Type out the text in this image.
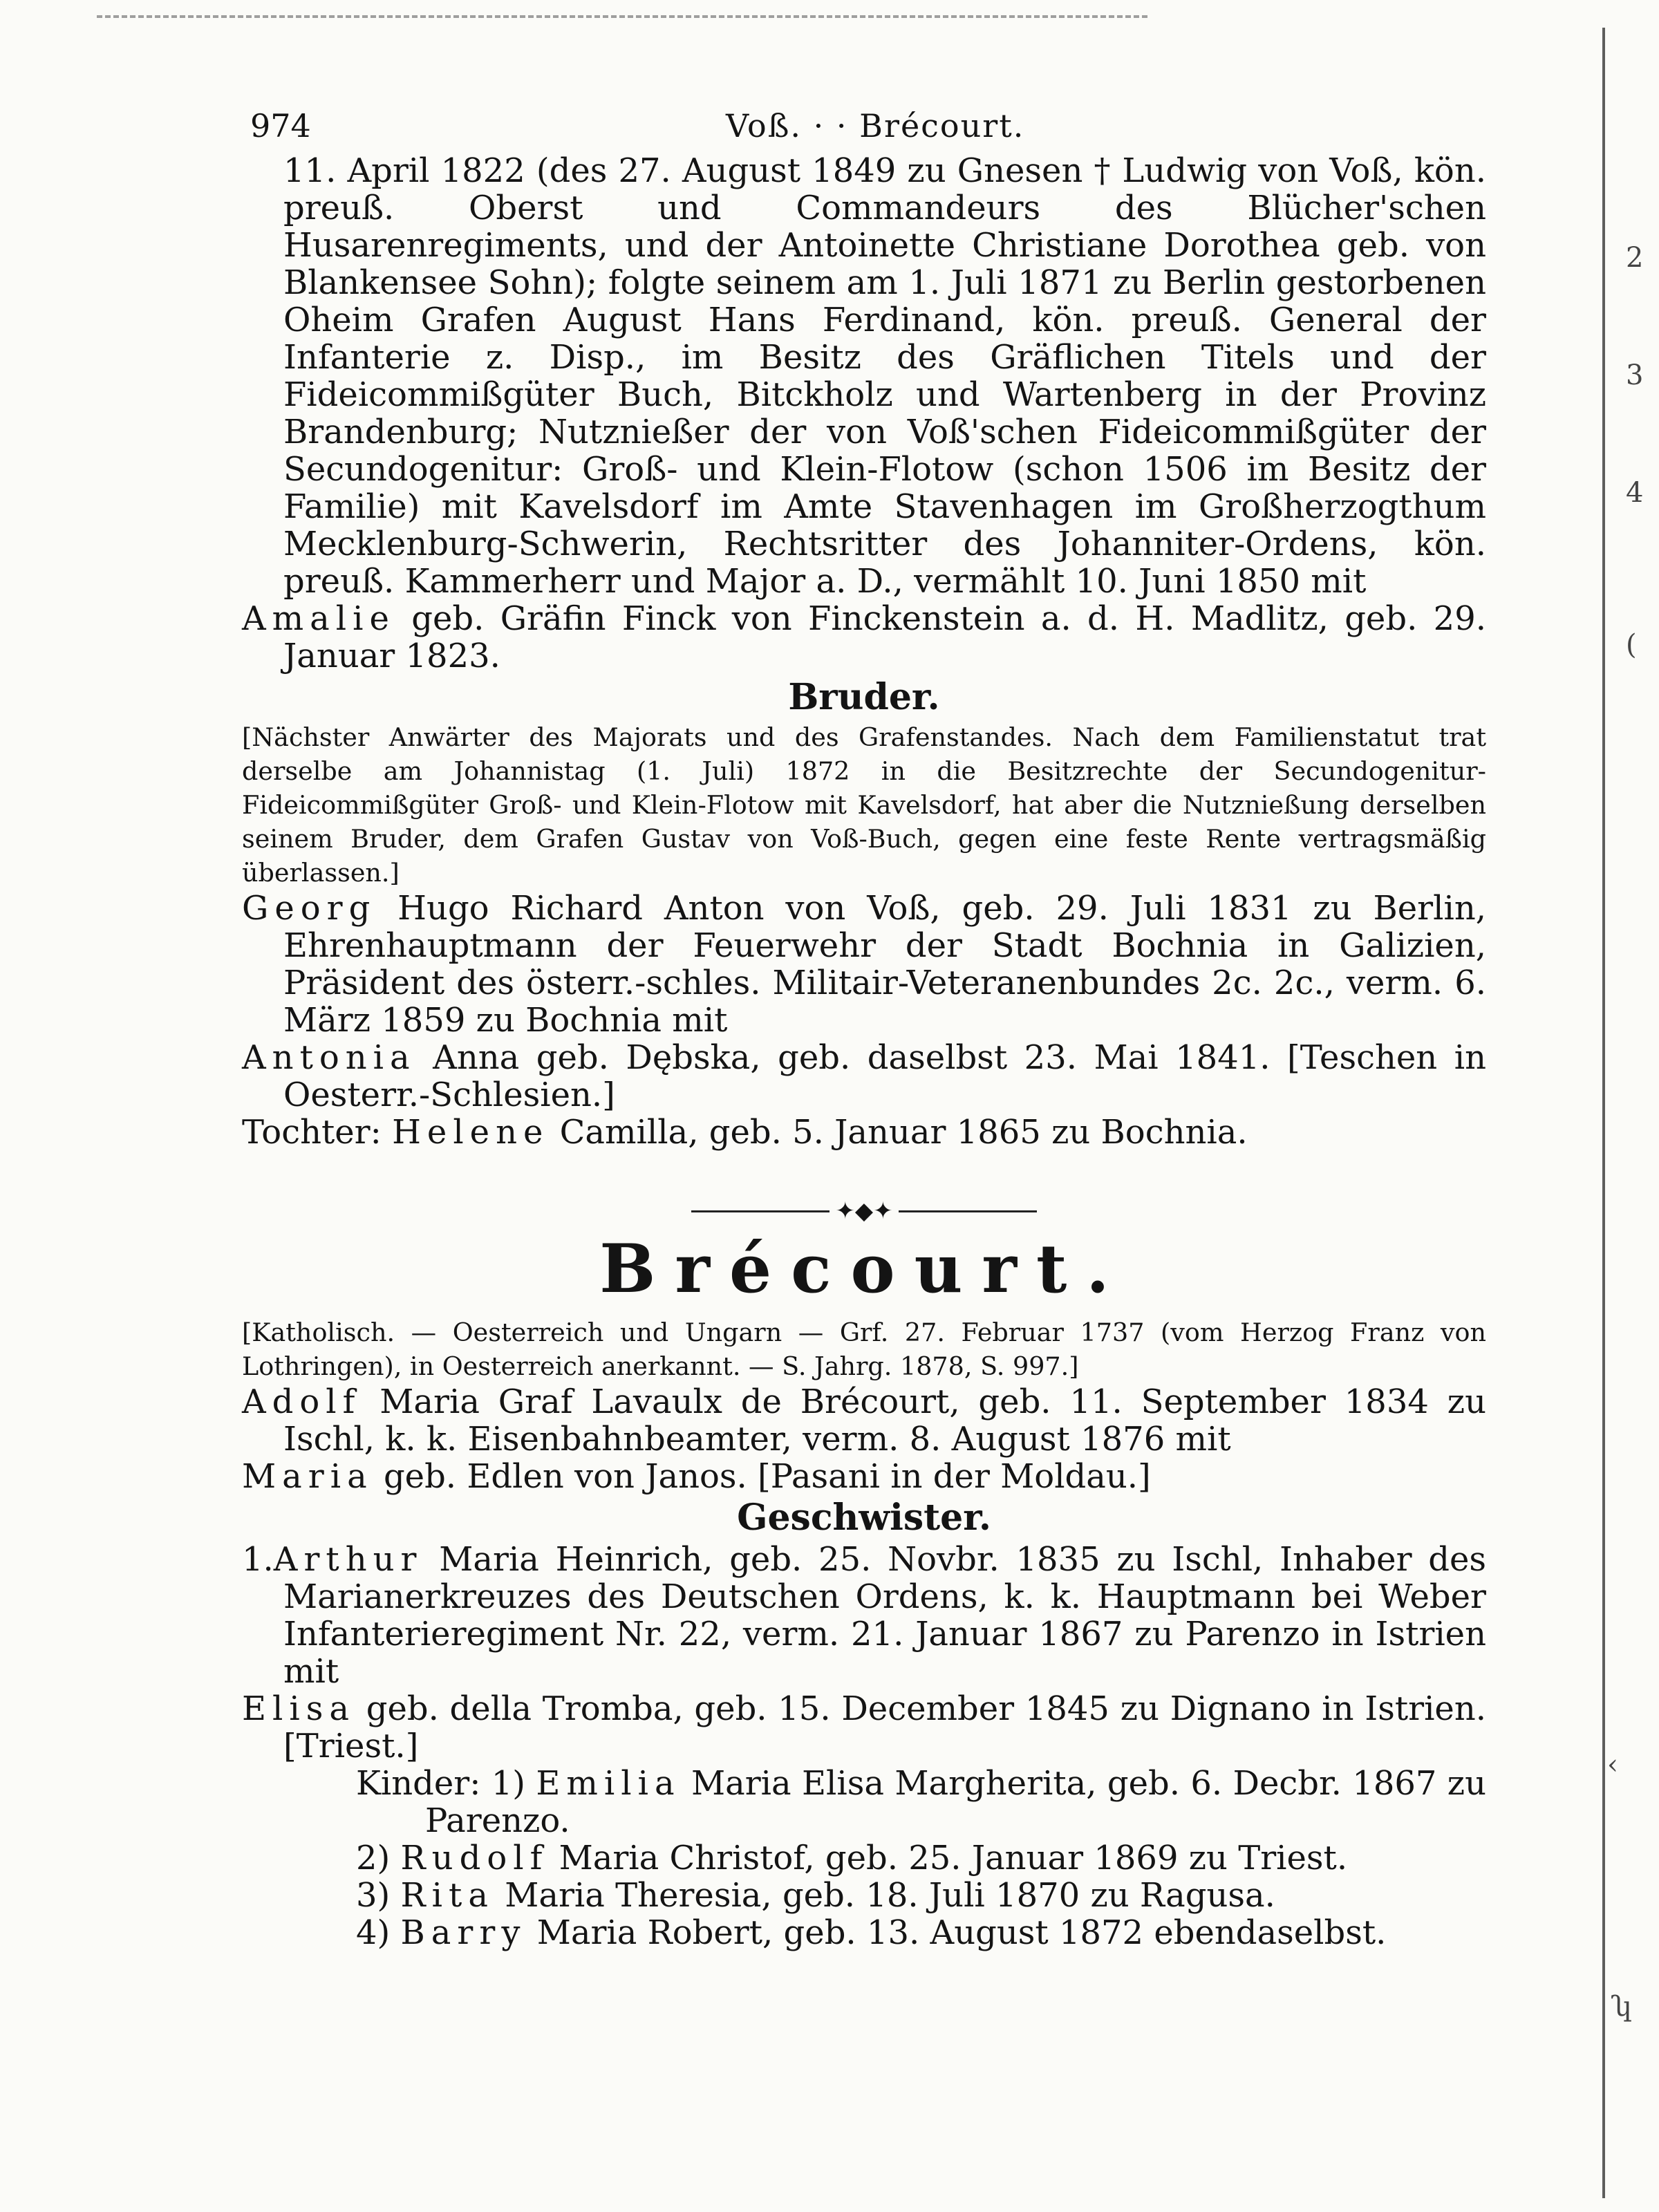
2
3
4
(
‹
ʮ
974	Voß. · · Brécourt.

11. April 1822 (des 27. August 1849 zu Gnesen † Ludwig von Voß, kön. preuß. Oberst und Commandeurs des Blücher'schen Husarenregiments, und der Antoinette Christiane Dorothea geb. von Blankensee Sohn); folgte seinem am 1. Juli 1871 zu Berlin gestorbenen Oheim Grafen August Hans Ferdinand, kön. preuß. General der Infanterie z. Disp., im Besitz des Gräflichen Titels und der Fideicommißgüter Buch, Bitckholz und Wartenberg in der Provinz Brandenburg; Nutznießer der von Voß'schen Fideicommißgüter der Secundogenitur: Groß- und Klein-Flotow (schon 1506 im Besitz der Familie) mit Kavelsdorf im Amte Stavenhagen im Großherzogthum Mecklenburg-Schwerin, Rechtsritter des Johanniter-Ordens, kön. preuß. Kammerherr und Major a. D., vermählt 10. Juni 1850 mit

Amalie geb. Gräfin Finck von Finckenstein a. d. H. Madlitz, geb. 29. Januar 1823.

Bruder.

[Nächster Anwärter des Majorats und des Grafenstandes. Nach dem Familienstatut trat derselbe am Johannistag (1. Juli) 1872 in die Besitzrechte der Secundogenitur-Fideicommißgüter Groß- und Klein-Flotow mit Kavelsdorf, hat aber die Nutznießung derselben seinem Bruder, dem Grafen Gustav von Voß-Buch, gegen eine feste Rente vertragsmäßig überlassen.]

Georg Hugo Richard Anton von Voß, geb. 29. Juli 1831 zu Berlin, Ehrenhauptmann der Feuerwehr der Stadt Bochnia in Galizien, Präsident des österr.-schles. Militair-Veteranenbundes 2c. 2c., verm. 6. März 1859 zu Bochnia mit

Antonia Anna geb. Dębska, geb. daselbst 23. Mai 1841. [Teschen in Oesterr.-Schlesien.]

Tochter: Helene Camilla, geb. 5. Januar 1865 zu Bochnia.

✦◆✦
Brécourt.

[Katholisch. — Oesterreich und Ungarn — Grf. 27. Februar 1737 (vom Herzog Franz von Lothringen), in Oesterreich anerkannt. — S. Jahrg. 1878, S. 997.]

Adolf Maria Graf Lavaulx de Brécourt, geb. 11. September 1834 zu Ischl, k. k. Eisenbahnbeamter, verm. 8. August 1876 mit

Maria geb. Edlen von Janos. [Pasani in der Moldau.]

Geschwister.

1.Arthur Maria Heinrich, geb. 25. Novbr. 1835 zu Ischl, Inhaber des Marianerkreuzes des Deutschen Ordens, k. k. Hauptmann bei Weber Infanterieregiment Nr. 22, verm. 21. Januar 1867 zu Parenzo in Istrien mit

Elisa geb. della Tromba, geb. 15. December 1845 zu Dignano in Istrien. [Triest.]

Kinder: 1) Emilia Maria Elisa Margherita, geb. 6. Decbr. 1867 zu Parenzo.

2) Rudolf Maria Christof, geb. 25. Januar 1869 zu Triest.

3) Rita Maria Theresia, geb. 18. Juli 1870 zu Ragusa.

4) Barry Maria Robert, geb. 13. August 1872 ebendaselbst.
